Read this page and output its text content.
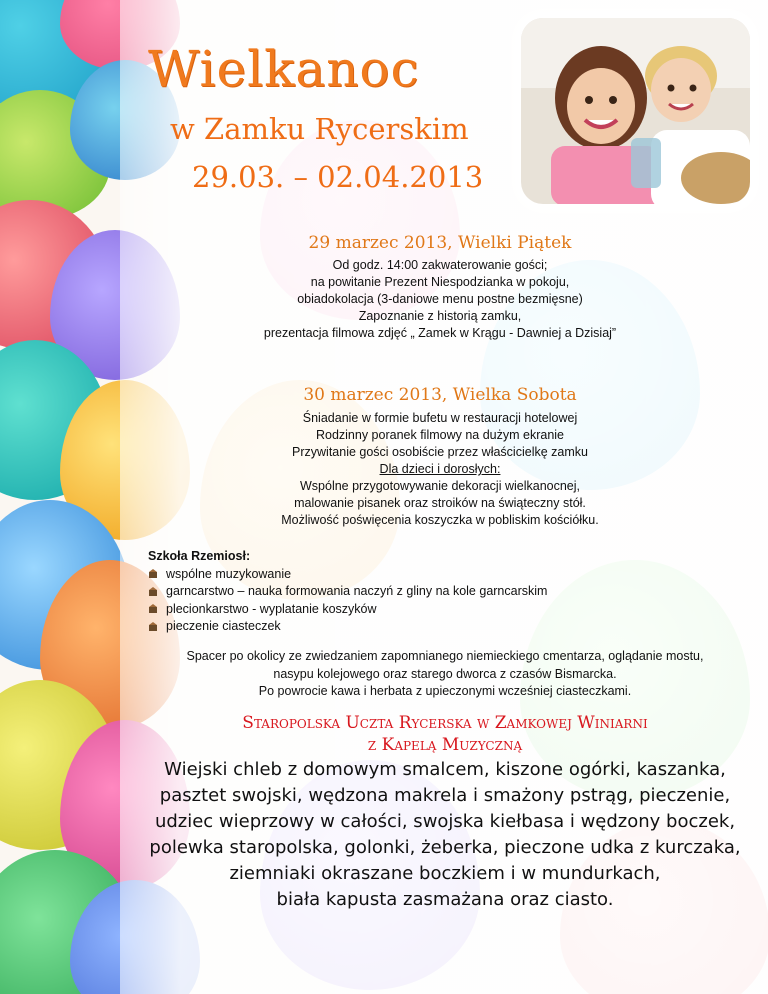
Wielkanoc
w Zamku Rycerskim
29.03. – 02.04.2013
29 marzec 2013, Wielki Piątek
Od godz. 14:00 zakwaterowanie gości;
na powitanie Prezent Niespodzianka w pokoju,
obiadokolacja (3-daniowe menu postne bezmięsne)
Zapoznanie z historią zamku,
prezentacja filmowa zdjęć „ Zamek w Krągu - Dawniej a Dzisiaj”
30 marzec 2013, Wielka Sobota
Śniadanie w formie bufetu w restauracji hotelowej
Rodzinny poranek filmowy na dużym ekranie
Przywitanie gości osobiście przez właścicielkę zamku
Dla dzieci i dorosłych:
Wspólne przygotowywanie dekoracji wielkanocnej,
malowanie pisanek oraz stroików na świąteczny stół.
Możliwość poświęcenia koszyczka w pobliskim kościółku.
Szkoła Rzemiosł:
wspólne muzykowanie
garncarstwo – nauka formowania naczyń z gliny na kole garncarskim
plecionkarstwo - wyplatanie koszyków
pieczenie ciasteczek
Spacer po okolicy ze zwiedzaniem zapomnianego niemieckiego cmentarza, oglądanie mostu,
nasypu kolejowego oraz starego dworca z czasów Bismarcka.
Po powrocie kawa i herbata z upieczonymi wcześniej ciasteczkami.
Staropolska Uczta Rycerska w Zamkowej Winiarni
z Kapelą Muzyczną
Wiejski chleb z domowym smalcem, kiszone ogórki, kaszanka,
pasztet swojski, wędzona makrela i smażony pstrąg, pieczenie,
udziec wieprzowy w całości, swojska kiełbasa i wędzony boczek,
polewka staropolska, golonki, żeberka, pieczone udka z kurczaka,
ziemniaki okraszane boczkiem i w mundurkach,
biała kapusta zasmażana oraz ciasto.
